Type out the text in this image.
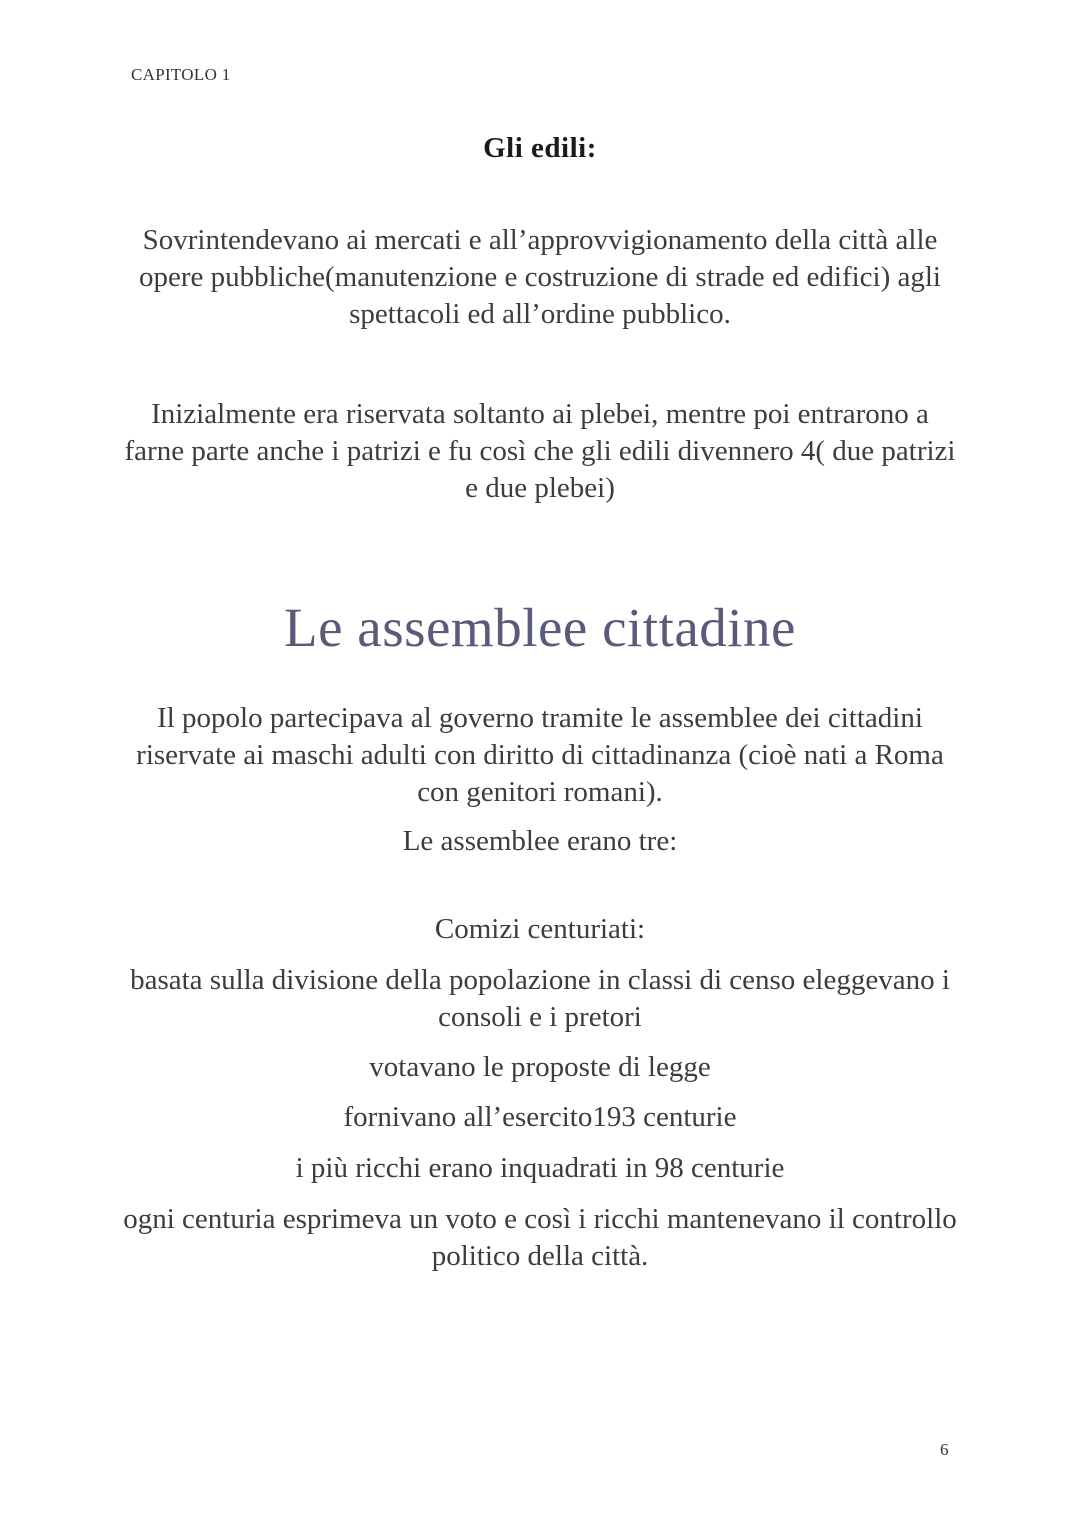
CAPITOLO 1
Gli edili:
Sovrintendevano ai mercati e all’approvvigionamento della città alle opere pubbliche(manutenzione e costruzione di strade ed edifici) agli spettacoli ed all’ordine pubblico.
Inizialmente era riservata soltanto ai plebei, mentre poi entrarono a farne parte anche i patrizi e fu così che gli edili divennero 4( due patrizi e due plebei)
Le assemblee cittadine
Il popolo partecipava al governo tramite le assemblee dei cittadini riservate ai maschi adulti con diritto di cittadinanza (cioè nati a Roma con genitori romani).
Le assemblee erano tre:
Comizi centuriati:
basata sulla divisione della popolazione in classi di censo eleggevano i consoli e i pretori
votavano le proposte di legge
fornivano all’esercito193 centurie
i più ricchi erano inquadrati in 98 centurie
ogni centuria esprimeva un voto e così i ricchi mantenevano il controllo politico della città.
6
